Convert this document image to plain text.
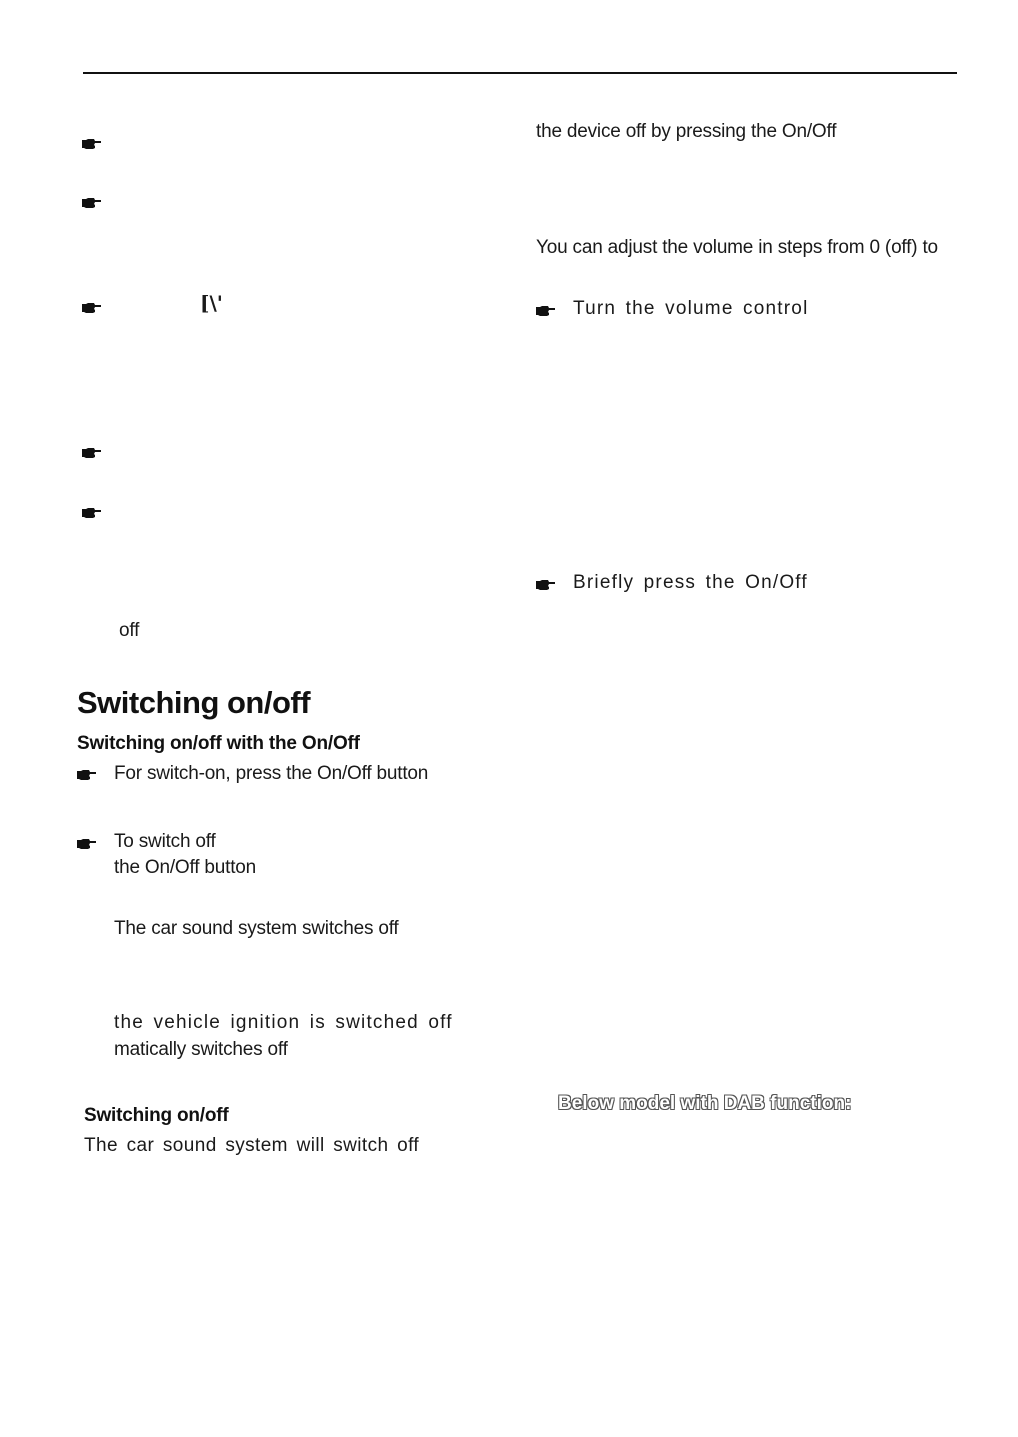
[\'
off
Switching on/off
Switching on/off with the On/Off
For switch-on, press the On/Off button
To switch off
the On/Off button
The car sound system switches off
the vehicle ignition is switched off
matically switches off
Switching on/off
The car sound system will switch off
the device off by pressing the On/Off
You can adjust the volume in steps from 0 (off) to
Turn the volume control
Briefly press the On/Off
Below model with DAB function:
